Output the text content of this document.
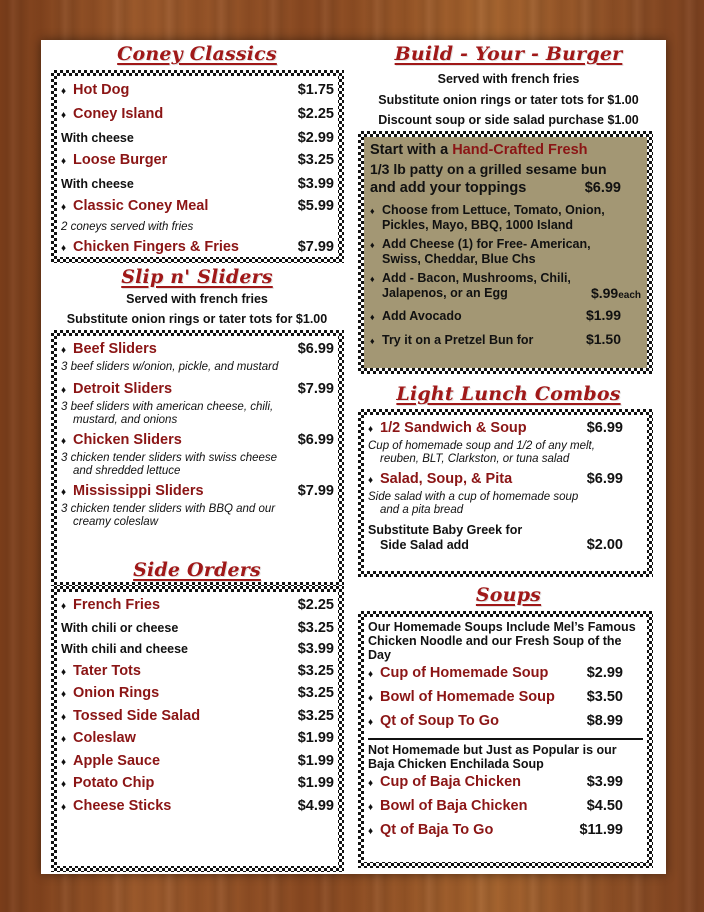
Coney Classics
♦ Hot Dog	$1.75
♦ Coney Island	$2.25
With cheese	$2.99
♦ Loose Burger	$3.25
With cheese	$3.99
♦ Classic Coney Meal	$5.99
2 coneys served with fries
♦ Chicken Fingers & Fries	$7.99
Slip n' Sliders
Served with french fries
Substitute onion rings or tater tots for $1.00
♦ Beef Sliders	$6.99
3 beef sliders w/onion, pickle, and mustard
♦ Detroit Sliders	$7.99
3 beef sliders with american cheese, chili,
mustard, and onions
♦ Chicken Sliders	$6.99
3 chicken tender sliders with swiss cheese
and shredded lettuce
♦ Mississippi Sliders	$7.99
3 chicken tender sliders with BBQ and our
creamy coleslaw
Side Orders
♦ French Fries	$2.25
With chili or cheese	$3.25
With chili and cheese	$3.99
♦ Tater Tots	$3.25
♦ Onion Rings	$3.25
♦ Tossed Side Salad	$3.25
♦ Coleslaw	$1.99
♦ Apple Sauce	$1.99
♦ Potato Chip	$1.99
♦ Cheese Sticks	$4.99
Build - Your - Burger
Served with french fries
Substitute onion rings or tater tots for $1.00
Discount soup or side salad purchase $1.00
Start with a Hand-Crafted Fresh
1/3 lb patty on a grilled sesame bun
and add your toppings	$6.99
♦ Choose from Lettuce, Tomato, Onion, Pickles, Mayo, BBQ, 1000 Island
♦ Add Cheese (1) for Free- American, Swiss, Cheddar, Blue Chs
♦ Add - Bacon, Mushrooms, Chili, Jalapenos, or an Egg	$.99each
♦ Add Avocado	$1.99
♦ Try it on a Pretzel Bun for	$1.50
Light Lunch Combos
♦ 1/2 Sandwich & Soup	$6.99
Cup of homemade soup and 1/2 of any melt,
reuben, BLT, Clarkston, or tuna salad
♦ Salad, Soup, & Pita	$6.99
Side salad with a cup of homemade soup
and a pita bread
Substitute Baby Greek for
Side Salad add	$2.00
Soups
Our Homemade Soups Include Mel’s Famous Chicken Noodle and our Fresh Soup of the Day
♦ Cup of Homemade Soup	$2.99
♦ Bowl of Homemade Soup	$3.50
♦ Qt of Soup To Go	$8.99
Not Homemade but Just as Popular is our Baja Chicken Enchilada Soup
♦ Cup of Baja Chicken	$3.99
♦ Bowl of Baja Chicken	$4.50
♦ Qt of Baja To Go	$11.99
